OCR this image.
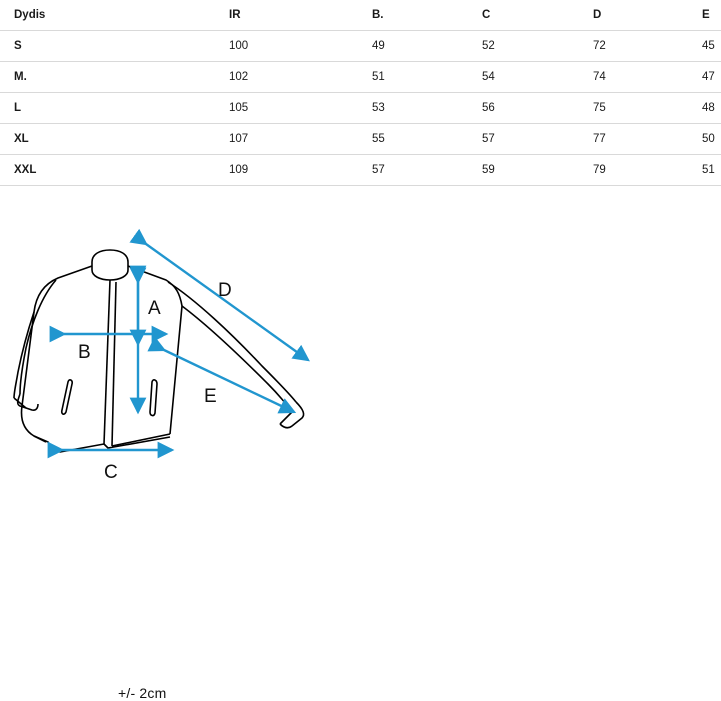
Dydis	IR	B.	C	D	E
S	100	49	52	72	45
M.	102	51	54	74	47
L	105	53	56	75	48
XL	107	55	57	77	50
XXL	109	57	59	79	51
A
B
C
D
E
+/- 2cm
